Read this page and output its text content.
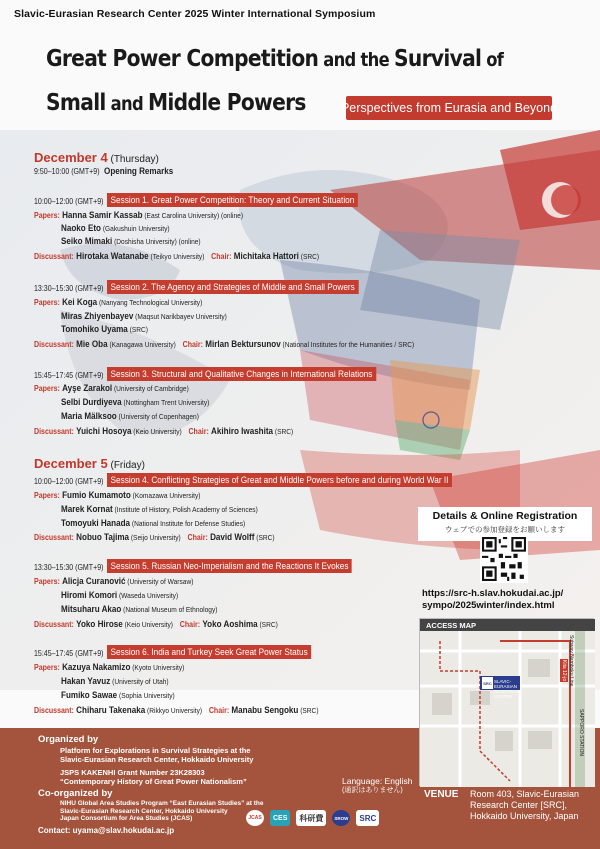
Slavic-Eurasian Research Center 2025 Winter International Symposium
Great Power Competition and the Survival of
Small and Middle Powers	Perspectives from Eurasia and Beyond
December 4 (Thursday)
9:50–10:00 (GMT+9) Opening Remarks
10:00–12:00 (GMT+9) Session 1. Great Power Competition: Theory and Current Situation
Papers: Hanna Samir Kassab (East Carolina University) (online)
Naoko Eto (Gakushuin University)
Seiko Mimaki (Doshisha University) (online)
Discussant: Hirotaka Watanabe (Teikyo University) Chair: Michitaka Hattori (SRC)
13:30–15:30 (GMT+9) Session 2. The Agency and Strategies of Middle and Small Powers
Papers: Kei Koga (Nanyang Technological University)
Miras Zhiyenbayev (Maqsut Narikbayev University)
Tomohiko Uyama (SRC)
Discussant: Mie Oba (Kanagawa University) Chair: Mirlan Bektursunov (National Institutes for the Humanities / SRC)
15:45–17:45 (GMT+9) Session 3. Structural and Qualitative Changes in International Relations
Papers: Ayşe Zarakol (University of Cambridge)
Selbi Durdiyeva (Nottingham Trent University)
Maria Mälksoo (University of Copenhagen)
Discussant: Yuichi Hosoya (Keio University) Chair: Akihiro Iwashita (SRC)
December 5 (Friday)
10:00–12:00 (GMT+9) Session 4. Conflicting Strategies of Great and Middle Powers before and during World War II
Papers: Fumio Kumamoto (Komazawa University)
Marek Kornat (Institute of History, Polish Academy of Sciences)
Tomoyuki Hanada (National Institute for Defense Studies)
Discussant: Nobuo Tajima (Seijo University) Chair: David Wolff (SRC)
13:30–15:30 (GMT+9) Session 5. Russian Neo-Imperialism and the Reactions It Evokes
Papers: Alicja Curanović (University of Warsaw)
Hiromi Komori (Waseda University)
Mitsuharu Akao (National Museum of Ethnology)
Discussant: Yoko Hirose (Keio University) Chair: Yoko Aoshima (SRC)
15:45–17:45 (GMT+9) Session 6. India and Turkey Seek Great Power Status
Papers: Kazuya Nakamizo (Kyoto University)
Hakan Yavuz (University of Utah)
Fumiko Sawae (Sophia University)
Discussant: Chiharu Takenaka (Rikkyo University) Chair: Manabu Sengoku (SRC)
Details & Online Registration
ウェブでの参加登録をお願いします
https://src-h.slav.hokudai.ac.jp/
sympo/2025winter/index.html
ACCESS MAP
SLAVIC-EURASIAN RESEARCH CENTER
SRC	Subway Namboku Line
Kita 12-jo
SAPPORO STATION
Organized by
Platform for Explorations in Survival Strategies at the
Slavic-Eurasian Research Center, Hokkaido University
JSPS KAKENHI Grant Number 23K28303
“Contemporary History of Great Power Nationalism”
Co-organized by
NIHU Global Area Studies Program “East Eurasian Studies” at the
Slavic-Eurasian Research Center, Hokkaido University
Japan Consortium for Area Studies (JCAS)
Contact: uyama@slav.hokudai.ac.jp
Language: English
(通訳はありません)
JCAS	CES	科研費	SROW	SRC
VENUE Room 403, Slavic-Eurasian
Research Center [SRC],
Hokkaido University, Japan
